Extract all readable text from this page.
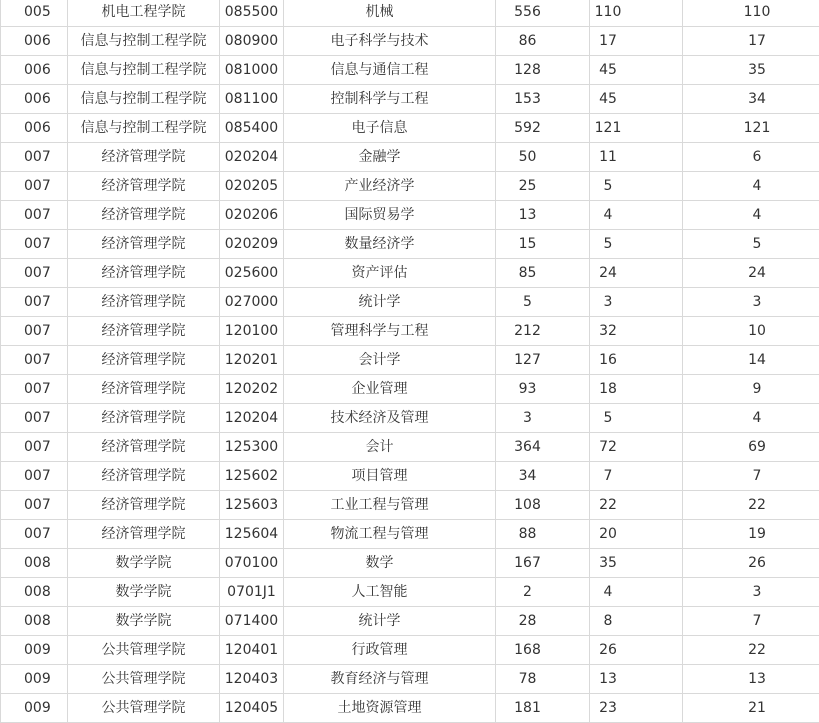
005	机电工程学院	085500	机械	556	110	110
006	信息与控制工程学院	080900	电子科学与技术	86	17	17
006	信息与控制工程学院	081000	信息与通信工程	128	45	35
006	信息与控制工程学院	081100	控制科学与工程	153	45	34
006	信息与控制工程学院	085400	电子信息	592	121	121
007	经济管理学院	020204	金融学	50	11	6
007	经济管理学院	020205	产业经济学	25	5	4
007	经济管理学院	020206	国际贸易学	13	4	4
007	经济管理学院	020209	数量经济学	15	5	5
007	经济管理学院	025600	资产评估	85	24	24
007	经济管理学院	027000	统计学	5	3	3
007	经济管理学院	120100	管理科学与工程	212	32	10
007	经济管理学院	120201	会计学	127	16	14
007	经济管理学院	120202	企业管理	93	18	9
007	经济管理学院	120204	技术经济及管理	3	5	4
007	经济管理学院	125300	会计	364	72	69
007	经济管理学院	125602	项目管理	34	7	7
007	经济管理学院	125603	工业工程与管理	108	22	22
007	经济管理学院	125604	物流工程与管理	88	20	19
008	数学学院	070100	数学	167	35	26
008	数学学院	0701J1	人工智能	2	4	3
008	数学学院	071400	统计学	28	8	7
009	公共管理学院	120401	行政管理	168	26	22
009	公共管理学院	120403	教育经济与管理	78	13	13
009	公共管理学院	120405	土地资源管理	181	23	21
